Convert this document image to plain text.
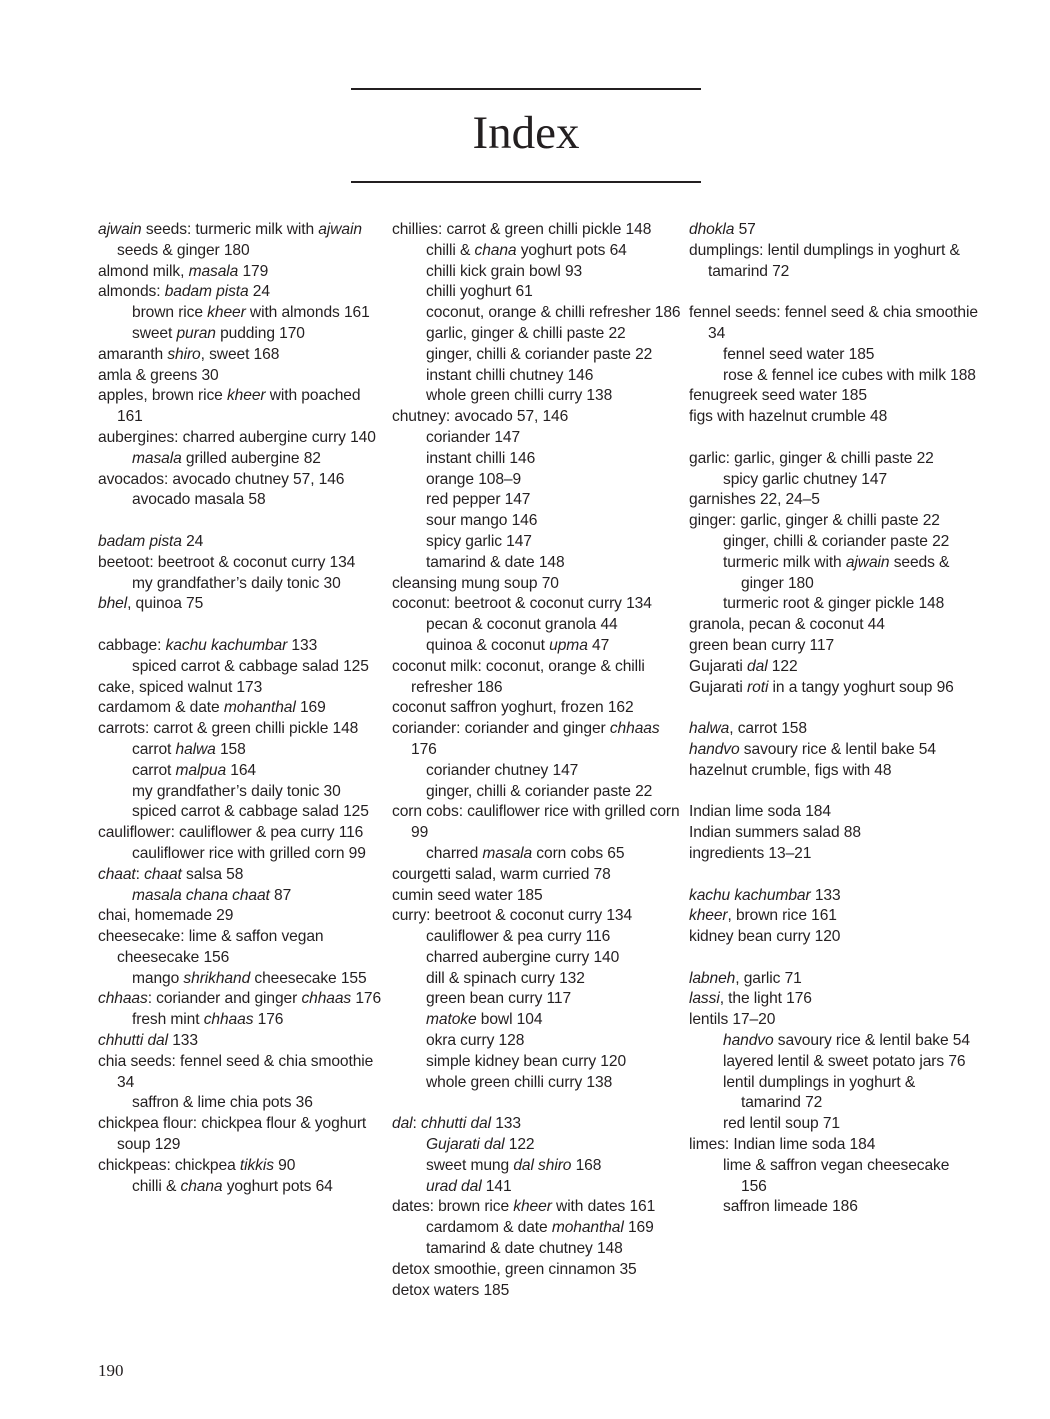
Index
ajwain seeds: turmeric milk with ajwain seeds & ginger 180
almond milk, masala 179
almonds: badam pista 24
brown rice kheer with almonds 161
sweet puran pudding 170
amaranth shiro, sweet 168
amla & greens 30
apples, brown rice kheer with poached 161
aubergines: charred aubergine curry 140
masala grilled aubergine 82
avocados: avocado chutney 57, 146
avocado masala 58
badam pista 24
beetoot: beetroot & coconut curry 134
my grandfather’s daily tonic 30
bhel, quinoa 75
cabbage: kachu kachumbar 133
spiced carrot & cabbage salad 125
cake, spiced walnut 173
cardamom & date mohanthal 169
carrots: carrot & green chilli pickle 148
carrot halwa 158
carrot malpua 164
my grandfather’s daily tonic 30
spiced carrot & cabbage salad 125
cauliflower: cauliflower & pea curry 116
cauliflower rice with grilled corn 99
chaat: chaat salsa 58
masala chana chaat 87
chai, homemade 29
cheesecake: lime & saffon vegan cheesecake 156
mango shrikhand cheesecake 155
chhaas: coriander and ginger chhaas 176
fresh mint chhaas 176
chhutti dal 133
chia seeds: fennel seed & chia smoothie 34
saffron & lime chia pots 36
chickpea flour: chickpea flour & yoghurt soup 129
chickpeas: chickpea tikkis 90
chilli & chana yoghurt pots 64
chillies: carrot & green chilli pickle 148
chilli & chana yoghurt pots 64
chilli kick grain bowl 93
chilli yoghurt 61
coconut, orange & chilli refresher 186
garlic, ginger & chilli paste 22
ginger, chilli & coriander paste 22
instant chilli chutney 146
whole green chilli curry 138
chutney: avocado 57, 146
coriander 147
instant chilli 146
orange 108–9
red pepper 147
sour mango 146
spicy garlic 147
tamarind & date 148
cleansing mung soup 70
coconut: beetroot & coconut curry 134
pecan & coconut granola 44
quinoa & coconut upma 47
coconut milk: coconut, orange & chilli refresher 186
coconut saffron yoghurt, frozen 162
coriander: coriander and ginger chhaas 176
coriander chutney 147
ginger, chilli & coriander paste 22
corn cobs: cauliflower rice with grilled corn 99
charred masala corn cobs 65
courgetti salad, warm curried 78
cumin seed water 185
curry: beetroot & coconut curry 134
cauliflower & pea curry 116
charred aubergine curry 140
dill & spinach curry 132
green bean curry 117
matoke bowl 104
okra curry 128
simple kidney bean curry 120
whole green chilli curry 138
dal: chhutti dal 133
Gujarati dal 122
sweet mung dal shiro 168
urad dal 141
dates: brown rice kheer with dates 161
cardamom & date mohanthal 169
tamarind & date chutney 148
detox smoothie, green cinnamon 35
detox waters 185
dhokla 57
dumplings: lentil dumplings in yoghurt & tamarind 72
fennel seeds: fennel seed & chia smoothie 34
fennel seed water 185
rose & fennel ice cubes with milk 188
fenugreek seed water 185
figs with hazelnut crumble 48
garlic: garlic, ginger & chilli paste 22
spicy garlic chutney 147
garnishes 22, 24–5
ginger: garlic, ginger & chilli paste 22
ginger, chilli & coriander paste 22
turmeric milk with ajwain seeds & ginger 180
turmeric root & ginger pickle 148
granola, pecan & coconut 44
green bean curry 117
Gujarati dal 122
Gujarati roti in a tangy yoghurt soup 96
halwa, carrot 158
handvo savoury rice & lentil bake 54
hazelnut crumble, figs with 48
Indian lime soda 184
Indian summers salad 88
ingredients 13–21
kachu kachumbar 133
kheer, brown rice 161
kidney bean curry 120
labneh, garlic 71
lassi, the light 176
lentils 17–20
handvo savoury rice & lentil bake 54
layered lentil & sweet potato jars 76
lentil dumplings in yoghurt & tamarind 72
red lentil soup 71
limes: Indian lime soda 184
lime & saffron vegan cheesecake 156
saffron limeade 186
190
